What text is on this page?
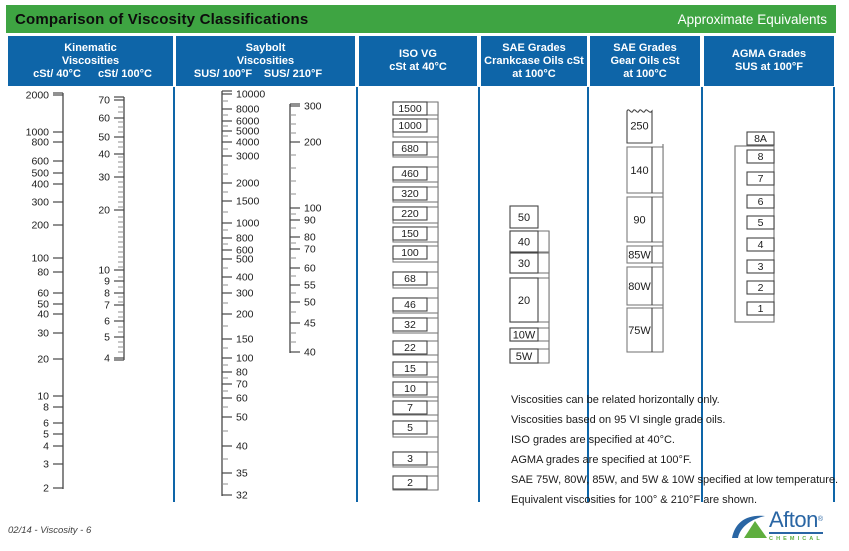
Comparison of Viscosity Classifications	Approximate Equivalents
Kinematic
Viscosities
cSt/ 40°C cSt/ 100°C
Saybolt
Viscosities
SUS/ 100°F SUS/ 210°F
ISO VG
cSt at 40°C
SAE Grades
Crankcase Oils cSt
at 100°C
SAE Grades
Gear Oils cSt
at 100°C
AGMA Grades
SUS at 100°F
2000
1000
800
600
500
400
300
200
100
80
60
50
40
30
20
10
8
6
5
4
3
2
70
60
50
40
30
20
10
9
8
7
6
5
4
10000
8000
6000
5000
4000
3000
2000
1500
1000
800
600
500
400
300
200
150
100
80
70
60
50
40
35
32
300
200
100
90
80
70
60
55
50
45
40
1500
1000
680
460
320
220
150
100
68
46
32
22
15
10
7
5
3
2
50
40
30
20
10W
5W
250
140
90
85W
80W
75W
8A
8
7
6
5
4
3
2
1
Viscosities can be related horizontally only.
Viscosities based on 95 VI single grade oils.
ISO grades are specified at 40°C.
AGMA grades are specified at 100°F.
SAE 75W, 80W, 85W, and 5W & 10W specified at low temperature.
Equivalent viscosities for 100° & 210°F are shown.
02/14 - Viscosity - 6	Afton®
CHEMICAL
